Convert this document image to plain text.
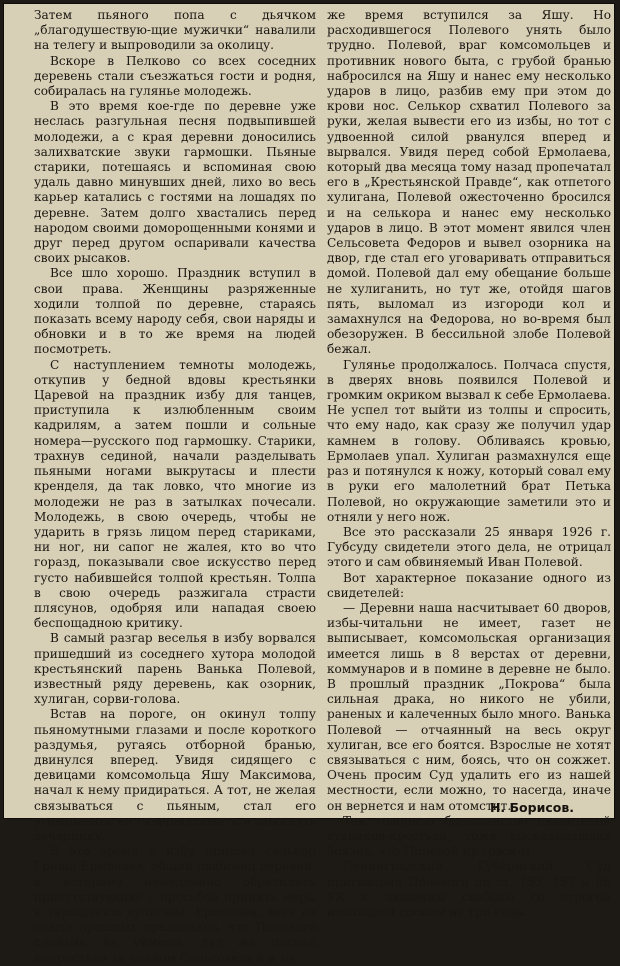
Затем пьяного попа с дьячком „благодушествую-щие мужички“ навалили на телегу и выпроводили за околицу.

Вскоре в Пелково со всех соседних деревень стали съезжаться гости и родня, собиралась на гулянье молодежь.

В это время кое-где по деревне уже неслась разгульная песня подвыпившей молодежи, а с края деревни доносились залихватские звуки гармошки. Пьяные старики, потешаясь и вспоминая свою удаль давно минувших дней, лихо во весь карьер катались с гостями на лошадях по деревне. Затем долго хвастались перед народом своими доморощенными конями и друг перед другом оспаривали качества своих рысаков.

Все шло хорошо. Праздник вступил в свои права. Женщины разряженные ходили толпой по деревне, стараясь показать всему народу себя, свои наряды и обновки и в то же время на людей посмотреть.

С наступлением темноты молодежь, откупив у бедной вдовы крестьянки Царевой на праздник избу для танцев, приступила к излюбленным своим кадрилям, а затем пошли и сольные номера—русского под гармошку. Старики, трахнув сединой, начали разделывать пьяными ногами выкрутасы и плести кренделя, да так ловко, что многие из молодежи не раз в затылках почесали. Молодежь, в свою очередь, чтобы не ударить в грязь лицом перед стариками, ни ног, ни сапог не жалея, кто во что горазд, показывали свое искусство перед густо набившейся толпой крестьян. Толпа в свою очередь разжигала страсти плясунов, одобряя или нападая своею беспощадною критику.

В самый разгар веселья в избу ворвался пришедший из соседнего хутора молодой крестьянский парень Ванька Полевой, известный ряду деревень, как озорник, хулиган, сорви-голова.

Встав на пороге, он окинул толпу пьяномутными глазами и после короткого раздумья, ругаясь отборной бранью, двинулся вперед. Увидя сидящего с девицами комсомольца Яшу Максимова, начал к нему придираться. А тот, не желая связываться с пьяным, стал его уговаривать не сквернословить и покинуть вечеринку.

В это время в избу пришел селькор Гриша Ермолаев, общий любимец деревни, к которому немедленно обратились присутствующие с просьбой принять меры к укрощению хулигана. Ермолаев, зная из опыта прошлых праздников, что Полевого словами не уймешь, тут же послал подростков за членом Сельсовета и в то

же время вступился за Яшу. Но расходившегося Полевого унять было трудно. Полевой, враг комсомольцев и противник нового быта, с грубой бранью набросился на Яшу и нанес ему несколько ударов в лицо, разбив ему при этом до крови нос. Селькор схватил Полевого за руки, желая вывести его из избы, но тот с удвоенной силой рванулся вперед и вырвался. Увидя перед собой Ермолаева, который два месяца тому назад пропечатал его в „Крестьянской Правде“, как отпетого хулигана, Полевой ожесточенно бросился и на селькора и нанес ему несколько ударов в лицо. В этот момент явился член Сельсовета Федоров и вывел озорника на двор, где стал его уговаривать отправиться домой. Полевой дал ему обещание больше не хулиганить, но тут же, отойдя шагов пять, выломал из изгороди кол и замахнулся на Федорова, но во-время был обезоружен. В бессильной злобе Полевой бежал.

Гулянье продолжалось. Полчаса спустя, в дверях вновь появился Полевой и громким окриком вызвал к себе Ермолаева. Не успел тот выйти из толпы и спросить, что ему надо, как сразу же получил удар камнем в голову. Обливаясь кровью, Ермолаев упал. Хулиган размахнулся еще раз и потянулся к ножу, который совал ему в руки его малолетний брат Петька Полевой, но окружающие заметили это и отняли у него нож.

Все это рассказали 25 января 1926 г. Губсуду свидетели этого дела, не отрицал этого и сам обвиняемый Иван Полевой.

Вот характерное показание одного из свидетелей:

— Деревни наша насчитывает 60 дворов, избы-читальни не имеет, газет не выписывает, комсомольская организация имеется лишь в 8 верстах от деревни, коммунаров и в помине в деревне не было. В прошлый праздник „Покрова“ была сильная драка, но никого не убили, раненых и калеченных было много. Ванька Полевой — отчаянный на весь округ хулиган, все его боятся. Взрослые не хотят связываться с ним, боясь, что он сожжет. Очень просим Суд удалить его из нашей местности, если можно, то насегда, иначе он вернется и нам отомстит.

Так говорило большинство свидетелей стариков-крестьян, тоже высказывавших боязнь, что Полевой их сожжет.

Ленинградский Губернский Суд приговорил Полевого по ст. 153, 157 и 86 УК к лишению свободы со строгой изоляцией сроком на три года.

Н. Борисов.
